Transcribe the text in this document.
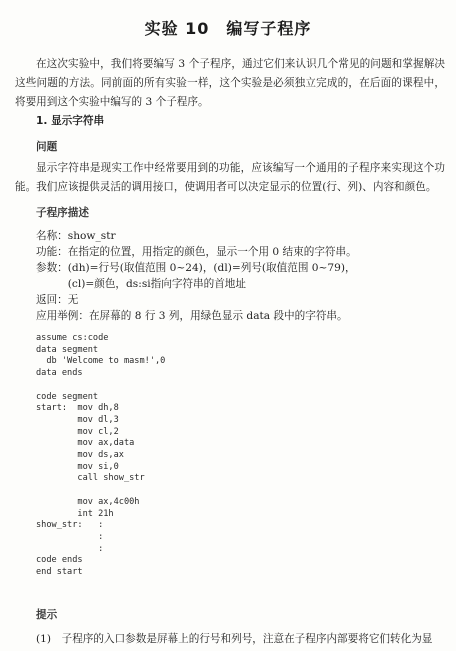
实验 10　编写子程序
在这次实验中，我们将要编写 3 个子程序，通过它们来认识几个常见的问题和掌握解决这些问题的方法。同前面的所有实验一样，这个实验是必须独立完成的，在后面的课程中，将要用到这个实验中编写的 3 个子程序。
1. 显示字符串
问题
显示字符串是现实工作中经常要用到的功能，应该编写一个通用的子程序来实现这个功能。我们应该提供灵活的调用接口，使调用者可以决定显示的位置(行、列)、内容和颜色。
子程序描述
名称：show_str
功能：在指定的位置，用指定的颜色，显示一个用 0 结束的字符串。
参数：(dh)=行号(取值范围 0~24)，(dl)=列号(取值范围 0~79)，
　　　(cl)=颜色，ds:si指向字符串的首地址
返回：无
应用举例：在屏幕的 8 行 3 列，用绿色显示 data 段中的字符串。
assume cs:code
data segment
db 'Welcome to masm!',0
data ends

code segment
start:  mov dh,8
mov dl,3
mov cl,2
mov ax,data
mov ds,ax
mov si,0
call show_str

mov ax,4c00h
int 21h
show_str:   :
:
:
code ends
end start
提示
(1)　子程序的入口参数是屏幕上的行号和列号，注意在子程序内部要将它们转化为显
